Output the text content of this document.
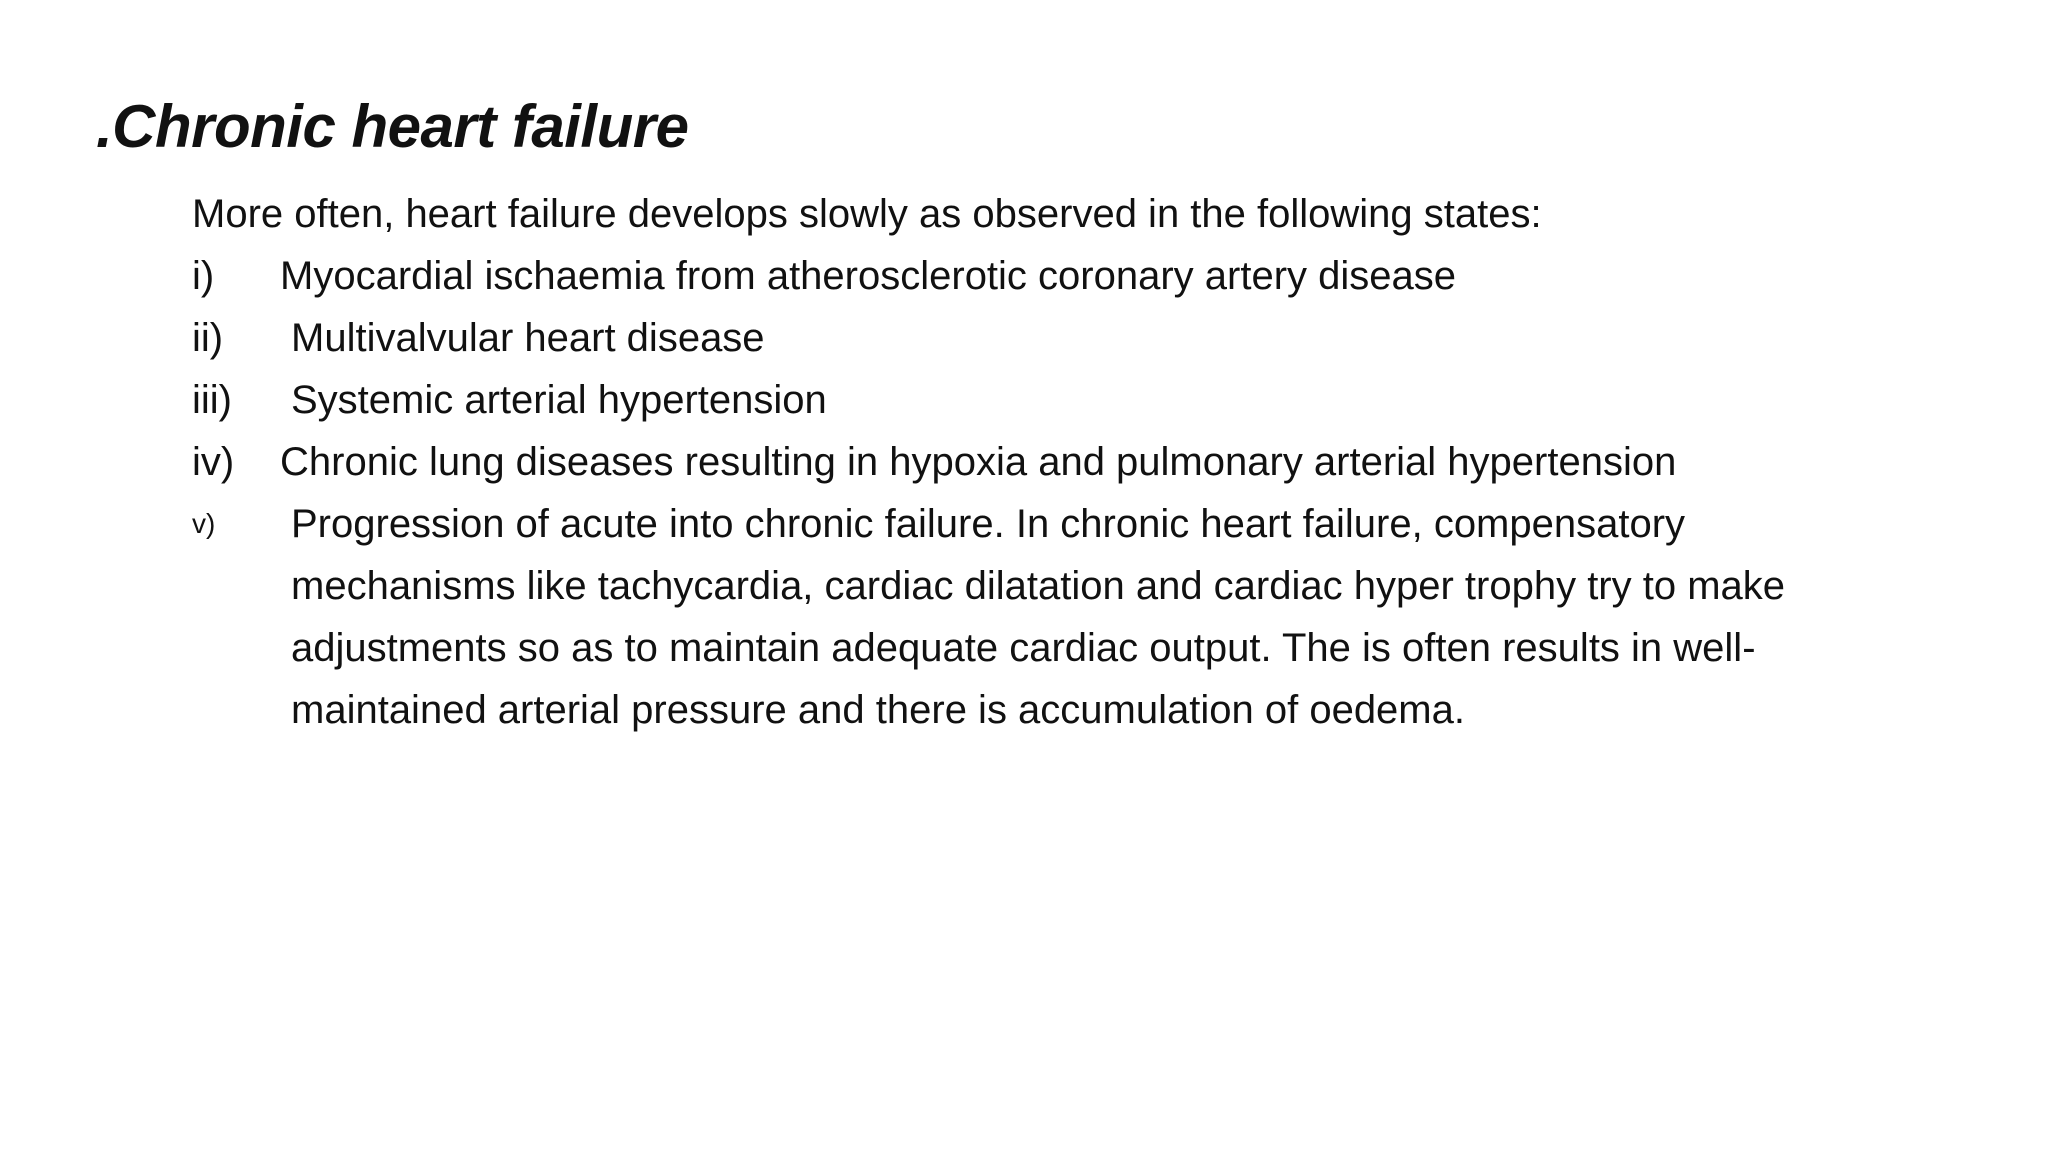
.Chronic heart failure
More often, heart failure develops slowly as observed in the following states:
i)	Myocardial ischaemia from atherosclerotic coronary artery disease
ii)	Multivalvular heart disease
iii)	Systemic arterial hypertension
iv)	Chronic lung diseases resulting in hypoxia and pulmonary arterial hypertension
v)	Progression of acute into chronic failure. In chronic heart failure, compensatory mechanisms like tachycardia, cardiac dilatation and cardiac hyper trophy try to make adjustments so as to maintain adequate cardiac output. The is often results in well-maintained arterial pressure and there is accumulation of oedema.
